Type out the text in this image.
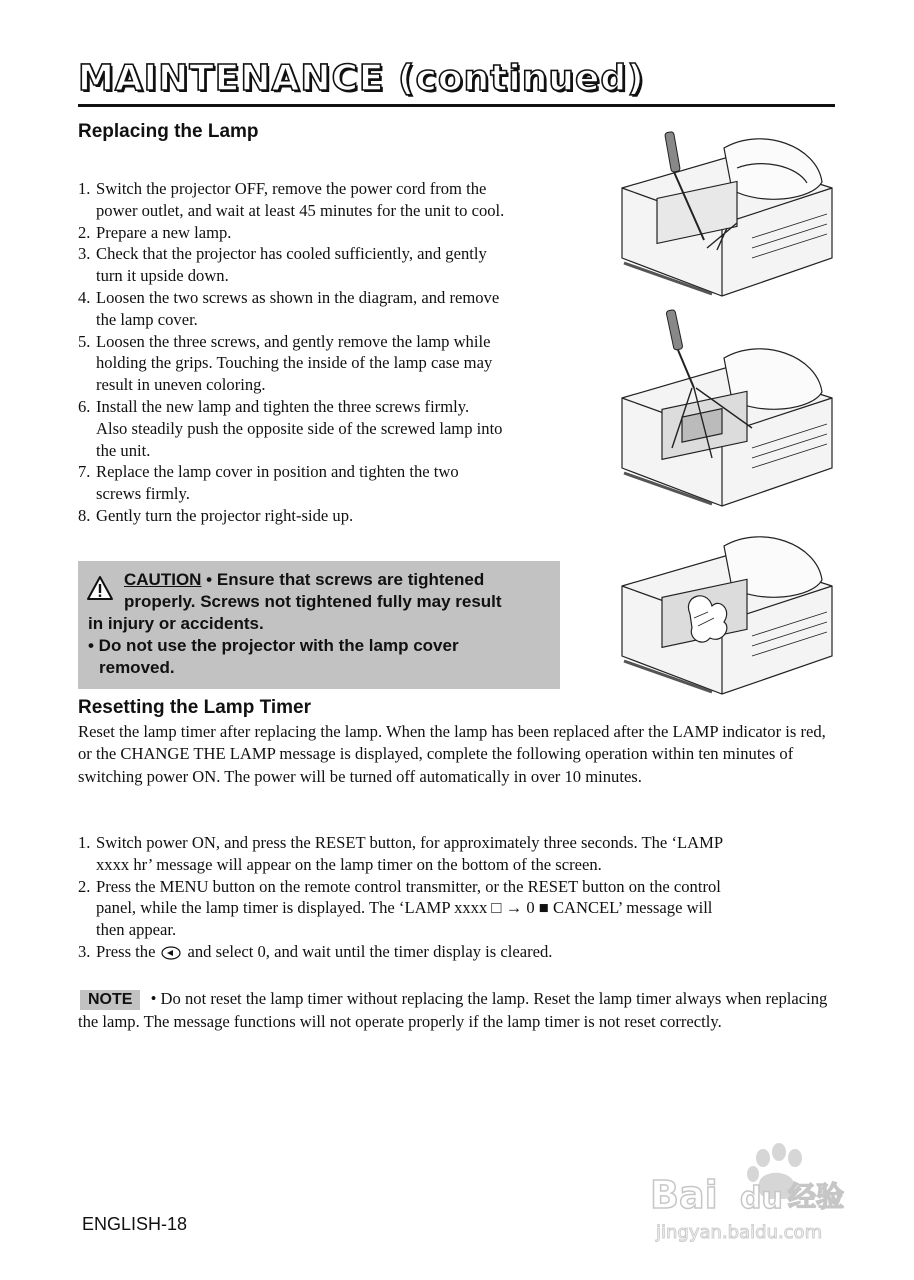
MAINTENANCE (continued)
Replacing the Lamp
1. Switch the projector OFF, remove the power cord from the
power outlet, and wait at least 45 minutes for the unit to cool.
2. Prepare a new lamp.
3. Check that the projector has cooled sufficiently, and gently
turn it upside down.
4. Loosen the two screws as shown in the diagram, and remove
the lamp cover.
5. Loosen the three screws, and gently remove the lamp while
holding the grips. Touching the inside of the lamp case may
result in uneven coloring.
6. Install the new lamp and tighten the three screws firmly.
Also steadily push the opposite side of the screwed lamp into
the unit.
7. Replace the lamp cover in position and tighten the two
screws firmly.
8. Gently turn the projector right-side up.
CAUTION • Ensure that screws are tightened
properly. Screws not tightened fully may result
in injury or accidents.
• Do not use the projector with the lamp cover
removed.
Resetting the Lamp Timer
Reset the lamp timer after replacing the lamp. When the lamp has been replaced after the LAMP indicator is red, or the CHANGE THE LAMP message is displayed, complete the following operation within ten minutes of switching power ON. The power will be turned off automatically in over 10 minutes.
1. Switch power ON, and press the RESET button, for approximately three seconds. The ‘LAMP
xxxx hr’ message will appear on the lamp timer on the bottom of the screen.
2. Press the MENU button on the remote control transmitter, or the RESET button on the control
panel, while the lamp timer is displayed. The ‘LAMP xxxx □ → 0 ■ CANCEL’ message will
then appear.
3. Press the and select 0, and wait until the timer display is cleared.
NOTE • Do not reset the lamp timer without replacing the lamp. Reset the lamp timer always when replacing the lamp. The message functions will not operate properly if the lamp timer is not reset correctly.
ENGLISH-18
Bai du 经验
jingyan.baidu.com
